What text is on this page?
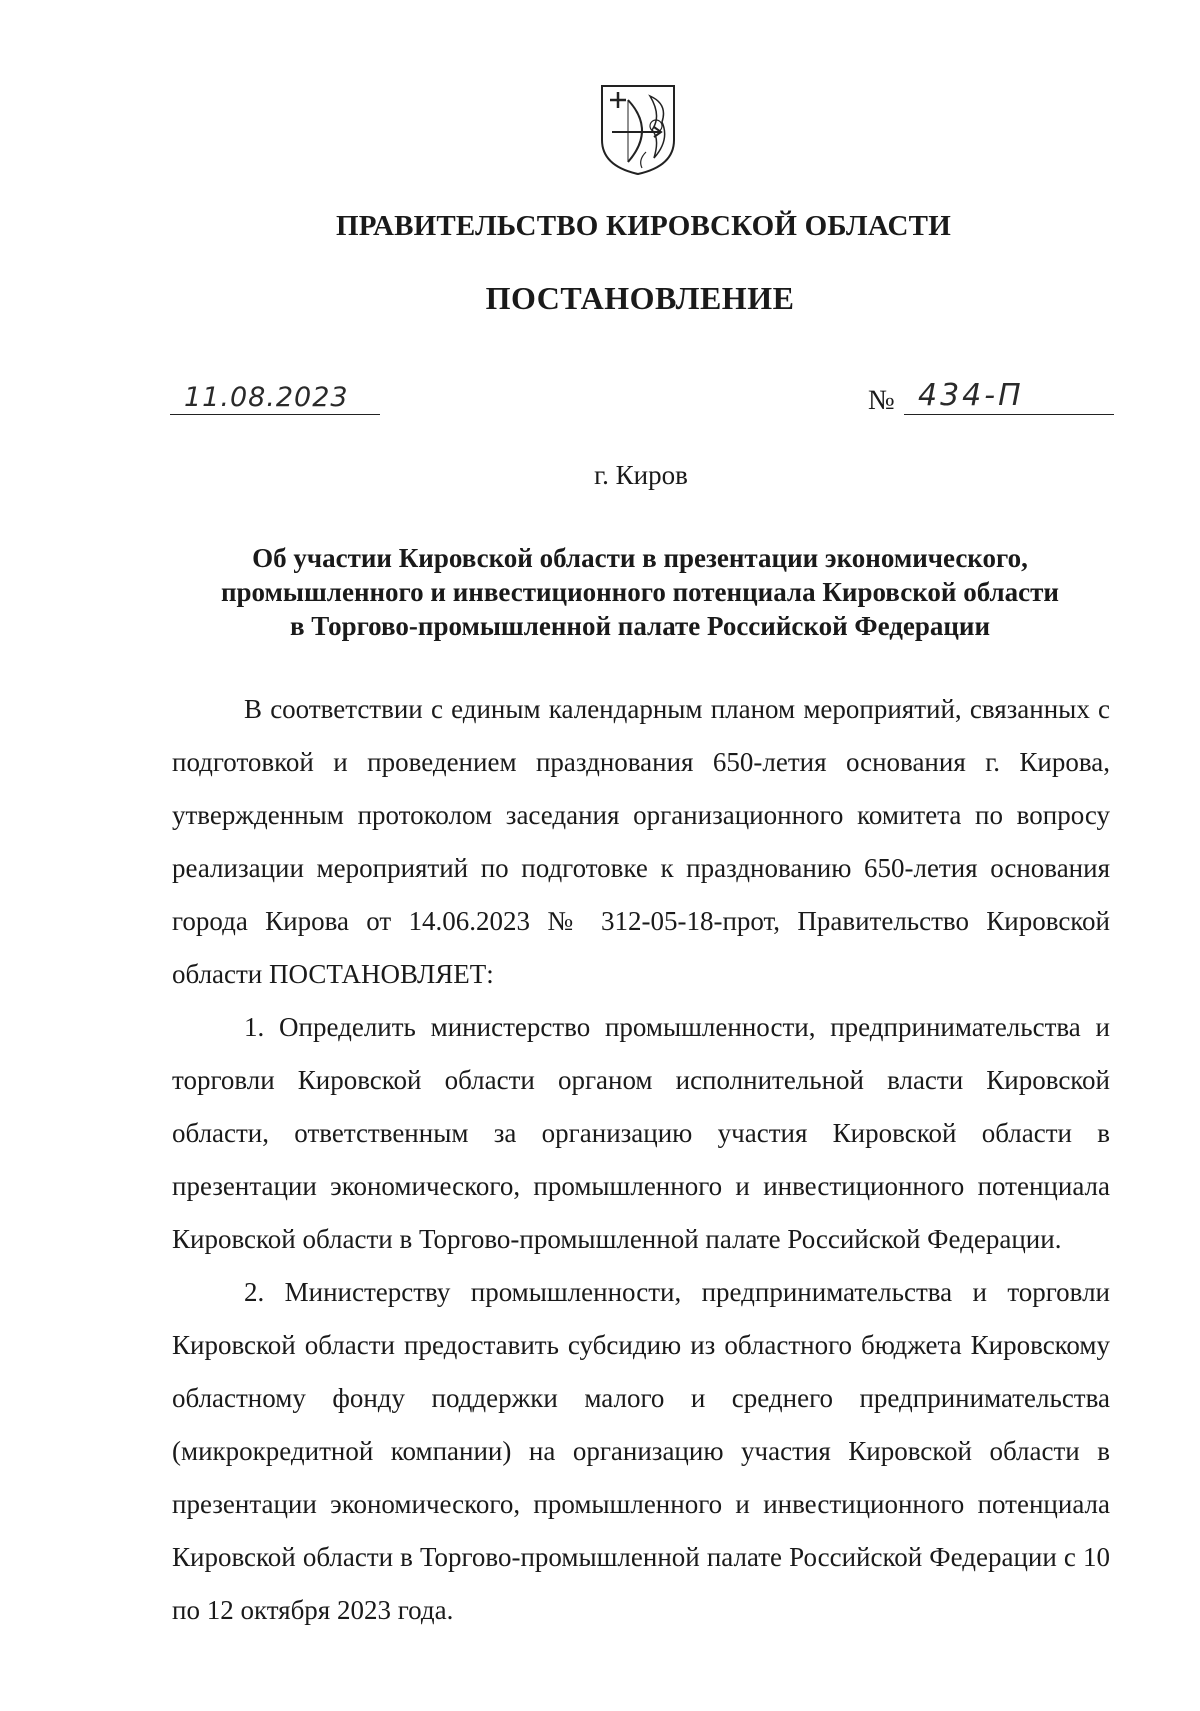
ПРАВИТЕЛЬСТВО КИРОВСКОЙ ОБЛАСТИ
ПОСТАНОВЛЕНИЕ
11.08.2023	№ 434-П
г. Киров
Об участии Кировской области в презентации экономического,
промышленного и инвестиционного потенциала Кировской области
в Торгово-промышленной палате Российской Федерации

В соответствии с единым календарным планом мероприятий, связанных с подготовкой и проведением празднования 650-летия основания г. Кирова, утвержденным протоколом заседания организационного комитета по вопросу реализации мероприятий по подготовке к празднованию 650-летия основания города Кирова от 14.06.2023 № 312-05-18-прот, Правительство Кировской области ПОСТАНОВЛЯЕТ:

1. Определить министерство промышленности, предпринимательства и торговли Кировской области органом исполнительной власти Кировской области, ответственным за организацию участия Кировской области в презентации экономического, промышленного и инвестиционного потенциала Кировской области в Торгово-промышленной палате Российской Федерации.

2. Министерству промышленности, предпринимательства и торговли Кировской области предоставить субсидию из областного бюджета Кировскому областному фонду поддержки малого и среднего предпринимательства (микрокредитной компании) на организацию участия Кировской области в презентации экономического, промышленного и инвестиционного потенциала Кировской области в Торгово-промышленной палате Российской Федерации с 10 по 12 октября 2023 года.
